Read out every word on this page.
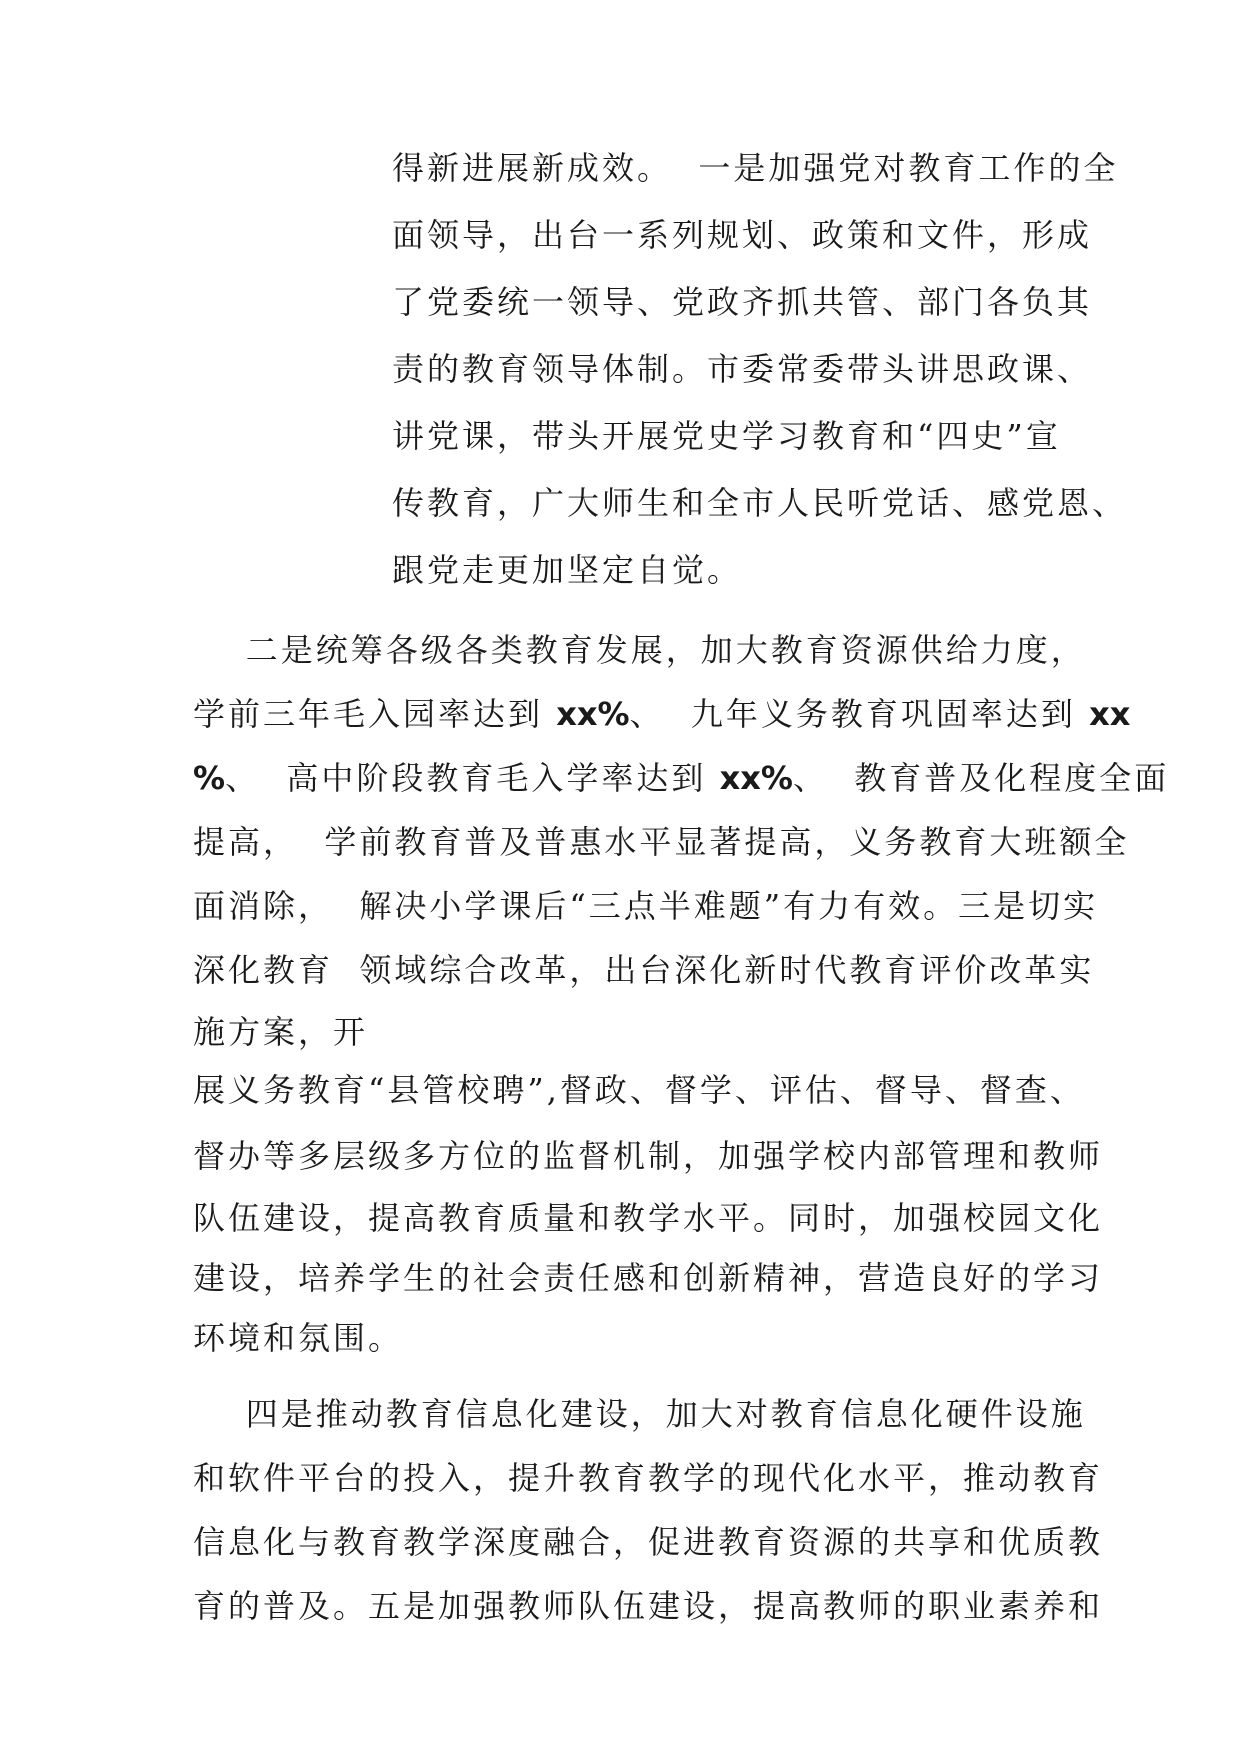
得新进展新成效。  一是加强党对教育工作的全
面领导，出台一系列规划、政策和文件，形成
了党委统一领导、党政齐抓共管、部门各负其
责的教育领导体制。市委常委带头讲思政课、
讲党课，带头开展党史学习教育和“四史”宣
传教育，广大师生和全市人民听党话、感党恩、
跟党走更加坚定自觉。
二是统筹各级各类教育发展，加大教育资源供给力度，
学前三年毛入园率达到 xx%、  九年义务教育巩固率达到 xx
%、  高中阶段教育毛入学率达到 xx%、  教育普及化程度全面
提高，  学前教育普及普惠水平显著提高，义务教育大班额全
面消除，  解决小学课后“三点半难题”有力有效。三是切实
深化教育  领域综合改革，出台深化新时代教育评价改革实
施方案，开
展义务教育“县管校聘”,督政、督学、评估、督导、督查、
督办等多层级多方位的监督机制，加强学校内部管理和教师
队伍建设，提高教育质量和教学水平。同时，加强校园文化
建设，培养学生的社会责任感和创新精神，营造良好的学习
环境和氛围。
四是推动教育信息化建设，加大对教育信息化硬件设施
和软件平台的投入，提升教育教学的现代化水平，推动教育
信息化与教育教学深度融合，促进教育资源的共享和优质教
育的普及。五是加强教师队伍建设，提高教师的职业素养和
